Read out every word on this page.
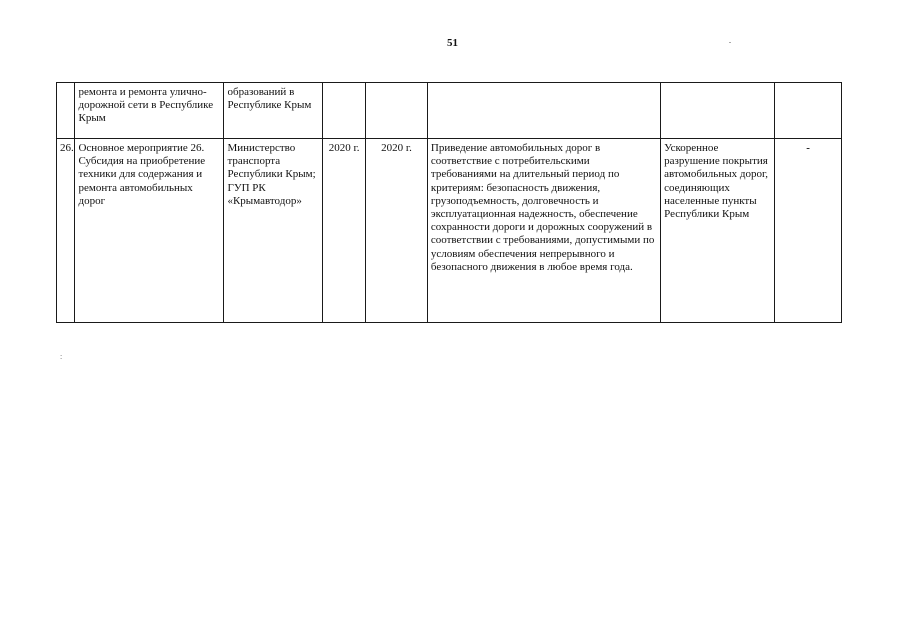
51
	ремонта и ремонта улично-дорожной сети в Республике Крым	образований в Республике Крым					
26.	Основное мероприятие 26. Субсидия на приобретение техники для содержания и ремонта автомобильных дорог	Министерство транспорта Республики Крым; ГУП РК «Крымавтодор»	2020 г.	2020 г.	Приведение автомобильных дорог в соответствие с потребительскими требованиями на длительный период по критериям: безопасность движения, грузоподъемность, долговечность и эксплуатационная надежность, обеспечение сохранности дороги и дорожных сооружений в соответствии с требованиями, допустимыми по условиям обеспечения непрерывного и безопасного движения в любое время года.	Ускоренное разрушение покрытия автомобильных дорог, соединяющих населенные пункты Республики Крым	-
:
